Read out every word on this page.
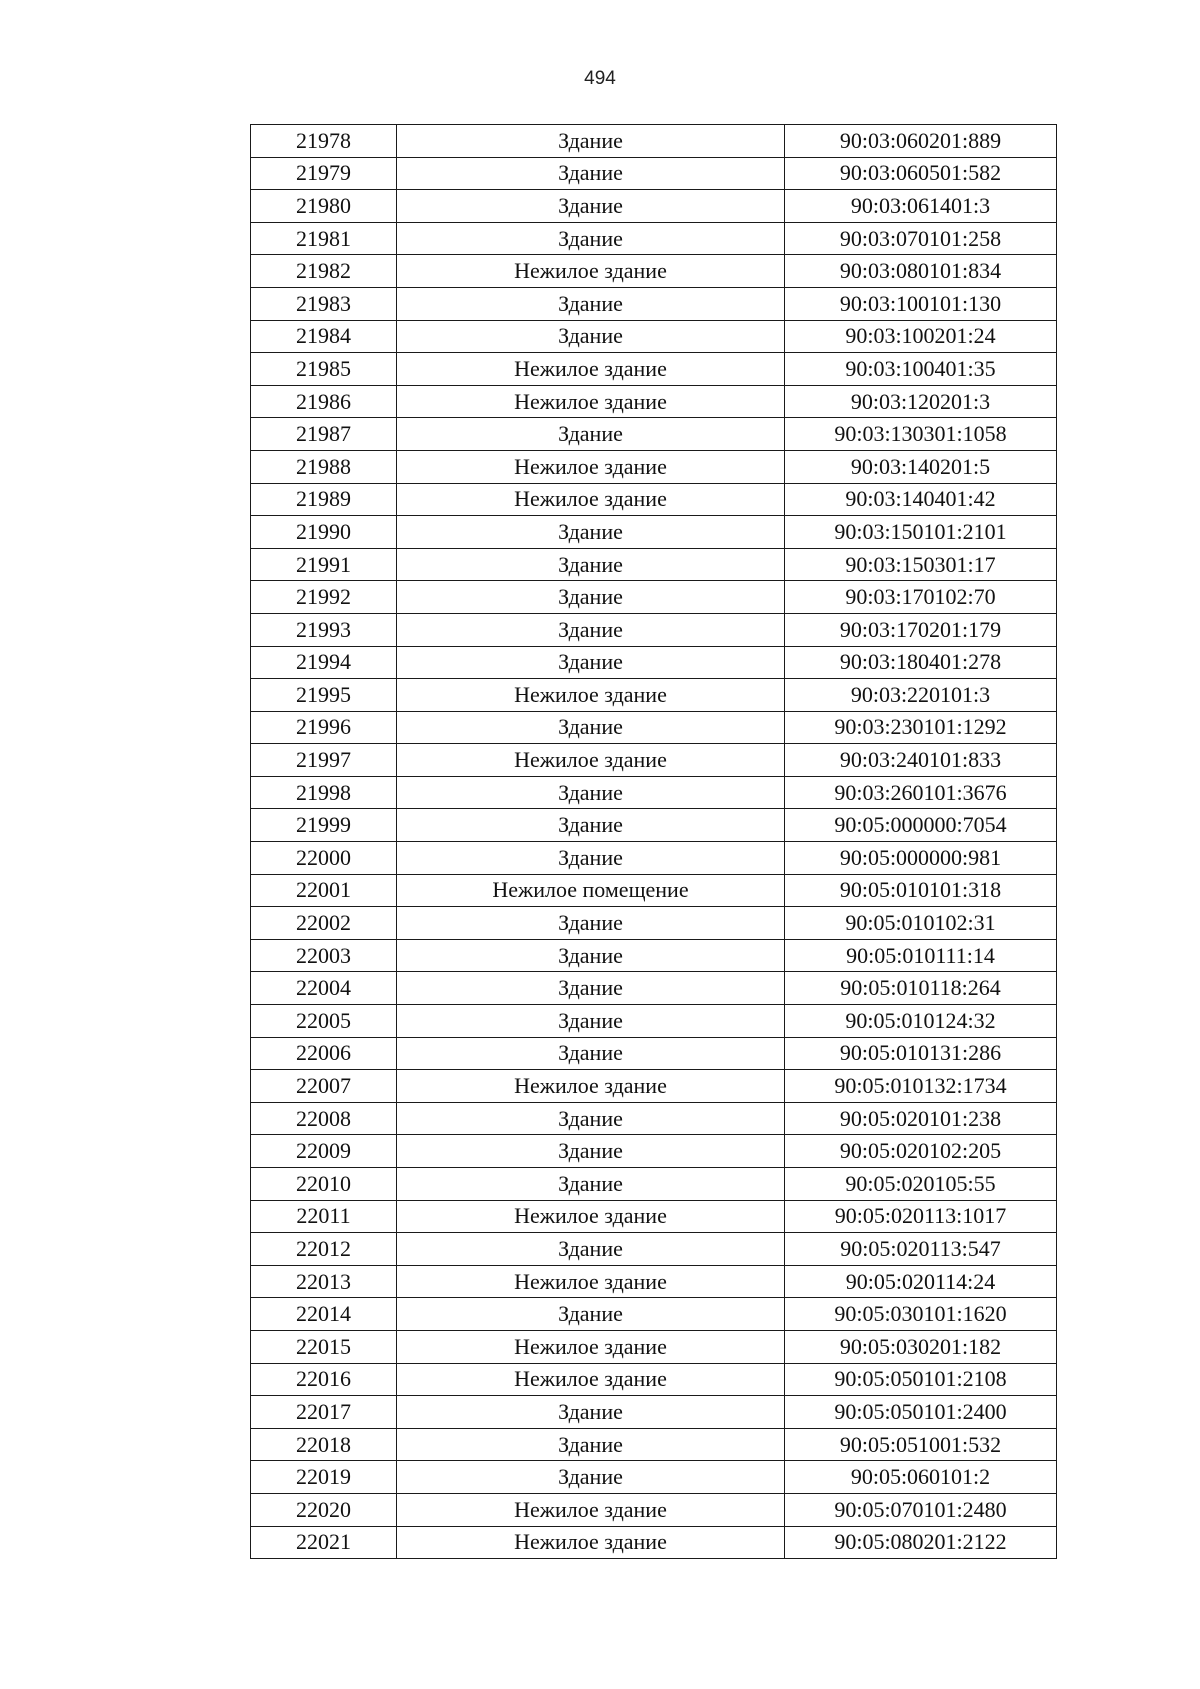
494
21978	Здание	90:03:060201:889
21979	Здание	90:03:060501:582
21980	Здание	90:03:061401:3
21981	Здание	90:03:070101:258
21982	Нежилое здание	90:03:080101:834
21983	Здание	90:03:100101:130
21984	Здание	90:03:100201:24
21985	Нежилое здание	90:03:100401:35
21986	Нежилое здание	90:03:120201:3
21987	Здание	90:03:130301:1058
21988	Нежилое здание	90:03:140201:5
21989	Нежилое здание	90:03:140401:42
21990	Здание	90:03:150101:2101
21991	Здание	90:03:150301:17
21992	Здание	90:03:170102:70
21993	Здание	90:03:170201:179
21994	Здание	90:03:180401:278
21995	Нежилое здание	90:03:220101:3
21996	Здание	90:03:230101:1292
21997	Нежилое здание	90:03:240101:833
21998	Здание	90:03:260101:3676
21999	Здание	90:05:000000:7054
22000	Здание	90:05:000000:981
22001	Нежилое помещение	90:05:010101:318
22002	Здание	90:05:010102:31
22003	Здание	90:05:010111:14
22004	Здание	90:05:010118:264
22005	Здание	90:05:010124:32
22006	Здание	90:05:010131:286
22007	Нежилое здание	90:05:010132:1734
22008	Здание	90:05:020101:238
22009	Здание	90:05:020102:205
22010	Здание	90:05:020105:55
22011	Нежилое здание	90:05:020113:1017
22012	Здание	90:05:020113:547
22013	Нежилое здание	90:05:020114:24
22014	Здание	90:05:030101:1620
22015	Нежилое здание	90:05:030201:182
22016	Нежилое здание	90:05:050101:2108
22017	Здание	90:05:050101:2400
22018	Здание	90:05:051001:532
22019	Здание	90:05:060101:2
22020	Нежилое здание	90:05:070101:2480
22021	Нежилое здание	90:05:080201:2122
